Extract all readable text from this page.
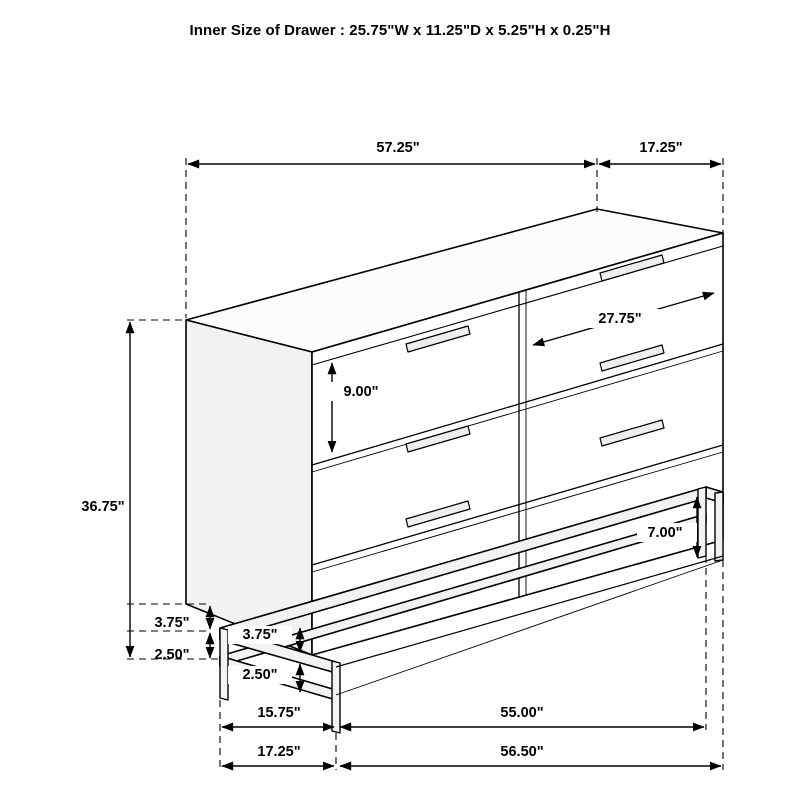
Inner Size of Drawer : 25.75"W x 11.25"D x 5.25"H x 0.25"H
57.25"	17.25"
27.75"
9.00"
36.75"
7.00"
3.75"
3.75"
2.50"
2.50"
15.75"	55.00"
17.25"	56.50"
